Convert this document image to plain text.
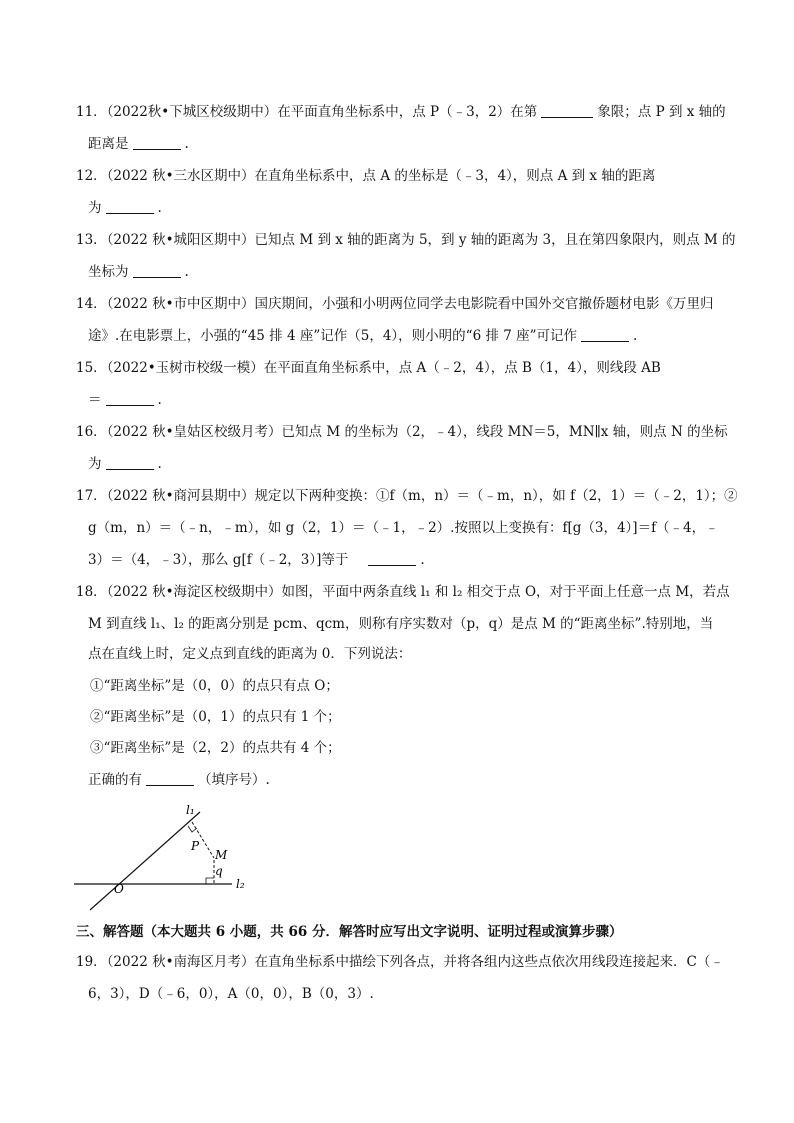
11．（2022秋•下城区校级期中）在平面直角坐标系中，点 P（﹣3，2）在第	象限；点 P 到 x 轴的
距离是	.
12．（2022 秋•三水区期中）在直角坐标系中，点 A 的坐标是（﹣3，4），则点 A 到 x 轴的距离
为	.
13．（2022 秋•城阳区期中）已知点 M 到 x 轴的距离为 5，到 y 轴的距离为 3，且在第四象限内，则点 M 的
坐标为	.
14．（2022 秋•市中区期中）国庆期间，小强和小明两位同学去电影院看中国外交官撤侨题材电影《万里归
途》.在电影票上，小强的“45 排 4 座”记作（5，4），则小明的“6 排 7 座”可记作	.
15．（2022•玉树市校级一模）在平面直角坐标系中，点 A（﹣2，4），点 B（1，4），则线段 AB
＝	.
16．（2022 秋•皇姑区校级月考）已知点 M 的坐标为（2，﹣4），线段 MN＝5，MN∥x 轴，则点 N 的坐标
为	.
17．（2022 秋•商河县期中）规定以下两种变换：①f（m，n）＝（﹣m，n），如 f（2，1）＝（﹣2，1）；②
g（m，n）＝（﹣n，﹣m），如 g（2，1）＝（﹣1，﹣2）.按照以上变换有：f[g（3，4）]＝f（﹣4，﹣
3）＝（4，﹣3），那么 g[f（﹣2，3）]等于	.
18．（2022 秋•海淀区校级期中）如图，平面中两条直线 l₁ 和 l₂ 相交于点 O，对于平面上任意一点 M，若点
M 到直线 l₁、l₂ 的距离分别是 pcm、qcm，则称有序实数对（p，q）是点 M 的“距离坐标”.特别地，当
点在直线上时，定义点到直线的距离为 0．下列说法：
①“距离坐标”是（0，0）的点只有点 O；
②“距离坐标”是（0，1）的点只有 1 个；
③“距离坐标”是（2，2）的点共有 4 个；
正确的有	（填序号）.
l₁
l₂
O
M
P
q
三、解答题（本大题共 6 小题，共 66 分．解答时应写出文字说明、证明过程或演算步骤）
19．（2022 秋•南海区月考）在直角坐标系中描绘下列各点，并将各组内这些点依次用线段连接起来．C（﹣
6，3），D（﹣6，0），A（0，0），B（0，3）.
